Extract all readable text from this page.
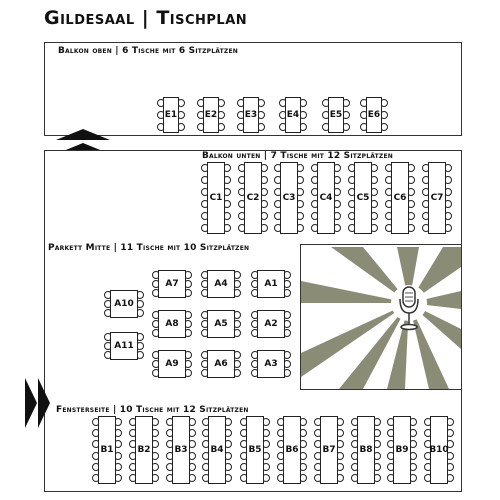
Gildesaal | Tischplan
Balkon oben | 6 Tische mit 6 Sitzplätzen
Balkon unten | 7 Tische mit 12 Sitzplätzen
Parkett Mitte | 11 Tische mit 10 Sitzplätzen
Fensterseite | 10 Tische mit 12 Sitzplätzen
E1	E2	E3	E4	E5	E6
C1	C2	C3	C4	C5	C6	C7
A7	A4	A1
A8	A5	A2
A9	A6	A3
A10
A11
B1	B2	B3	B4	B5	B6	B7	B8	B9 B10
